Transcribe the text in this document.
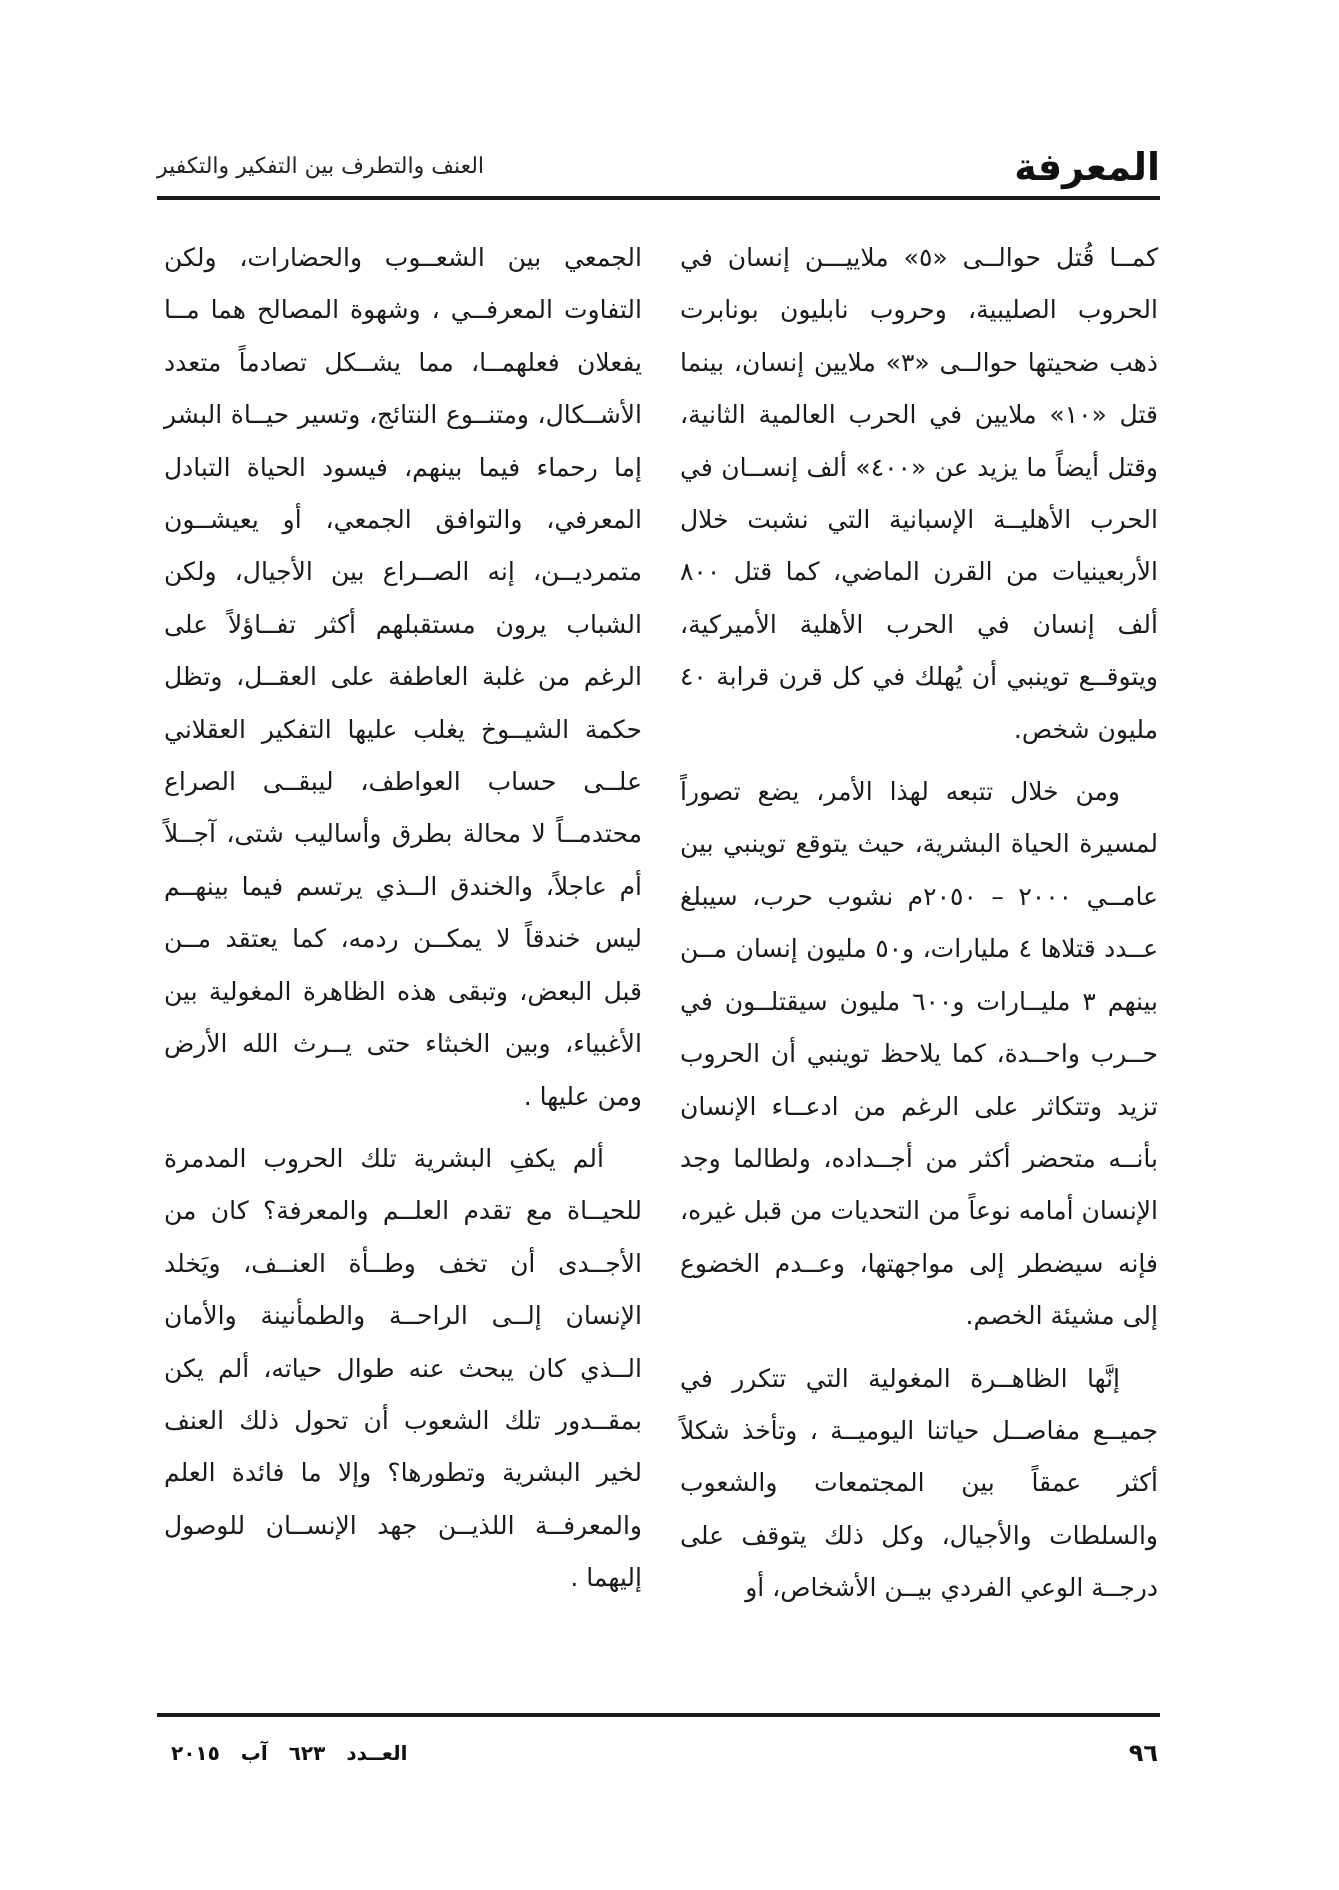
المعرفة
العنف والتطرف بين التفكير والتكفير

كمــا قُتل حوالــى «٥» ملاييـــن إنسان في الحروب الصليبية، وحروب نابليون بونابرت ذهب ضحيتها حوالــى «٣» ملايين إنسان، بينما قتل «١٠» ملايين في الحرب العالمية الثانية، وقتل أيضاً ما يزيد عن «٤٠٠» ألف إنســان في الحرب الأهليــة الإسبانية التي نشبت خلال الأربعينيات من القرن الماضي، كما قتل ٨٠٠ ألف إنسان في الحرب الأهلية الأميركية، ويتوقــع توينبي أن يُهلك في كل قرن قرابة ٤٠ مليون شخص.

ومن خلال تتبعه لهذا الأمر، يضع تصوراً لمسيرة الحياة البشرية، حيث يتوقع توينبي بين عامــي ٢٠٠٠ – ٢٠٥٠م نشوب حرب، سيبلغ عــدد قتلاها ٤ مليارات، و٥٠ مليون إنسان مــن بينهم ٣ مليــارات و٦٠٠ مليون سيقتلــون في حــرب واحــدة، كما يلاحظ توينبي أن الحروب تزيد وتتكاثر على الرغم من ادعــاء الإنسان بأنــه متحضر أكثر من أجــداده، ولطالما وجد الإنسان أمامه نوعاً من التحديات من قبل غيره، فإنه سيضطر إلى مواجهتها، وعــدم الخضوع إلى مشيئة الخصم.

إنَّها الظاهــرة المغولية التي تتكرر في جميــع مفاصــل حياتنا اليوميــة ، وتأخذ شكلاً أكثر عمقاً بين المجتمعات والشعوب والسلطات والأجيال، وكل ذلك يتوقف على درجــة الوعي الفردي بيــن الأشخاص، أو

الجمعي بين الشعــوب والحضارات، ولكن التفاوت المعرفــي ، وشهوة المصالح هما مــا يفعلان فعلهمــا، مما يشــكل تصادماً متعدد الأشــكال، ومتنــوع النتائج، وتسير حيــاة البشر إما رحماء فيما بينهم، فيسود الحياة التبادل المعرفي، والتوافق الجمعي، أو يعيشــون متمرديــن، إنه الصــراع بين الأجيال، ولكن الشباب يرون مستقبلهم أكثر تفــاؤلاً على الرغم من غلبة العاطفة على العقــل، وتظل حكمة الشيــوخ يغلب عليها التفكير العقلاني علــى حساب العواطف، ليبقــى الصراع محتدمــاً لا محالة بطرق وأساليب شتى، آجــلاً أم عاجلاً، والخندق الــذي يرتسم فيما بينهــم ليس خندقاً لا يمكــن ردمه، كما يعتقد مــن قبل البعض، وتبقى هذه الظاهرة المغولية بين الأغبياء، وبين الخبثاء حتى يــرث الله الأرض ومن عليها .

ألم يكفِ البشرية تلك الحروب المدمرة للحيــاة مع تقدم العلــم والمعرفة؟ كان من الأجــدى أن تخف وطــأة العنــف، ويَخلد الإنسان إلــى الراحــة والطمأنينة والأمان الــذي كان يبحث عنه طوال حياته، ألم يكن بمقــدور تلك الشعوب أن تحول ذلك العنف لخير البشرية وتطورها؟ وإلا ما فائدة العلم والمعرفــة اللذيــن جهد الإنســان للوصول إليهما .

٩٦
العــدد ٦٢٣ آب ٢٠١٥
